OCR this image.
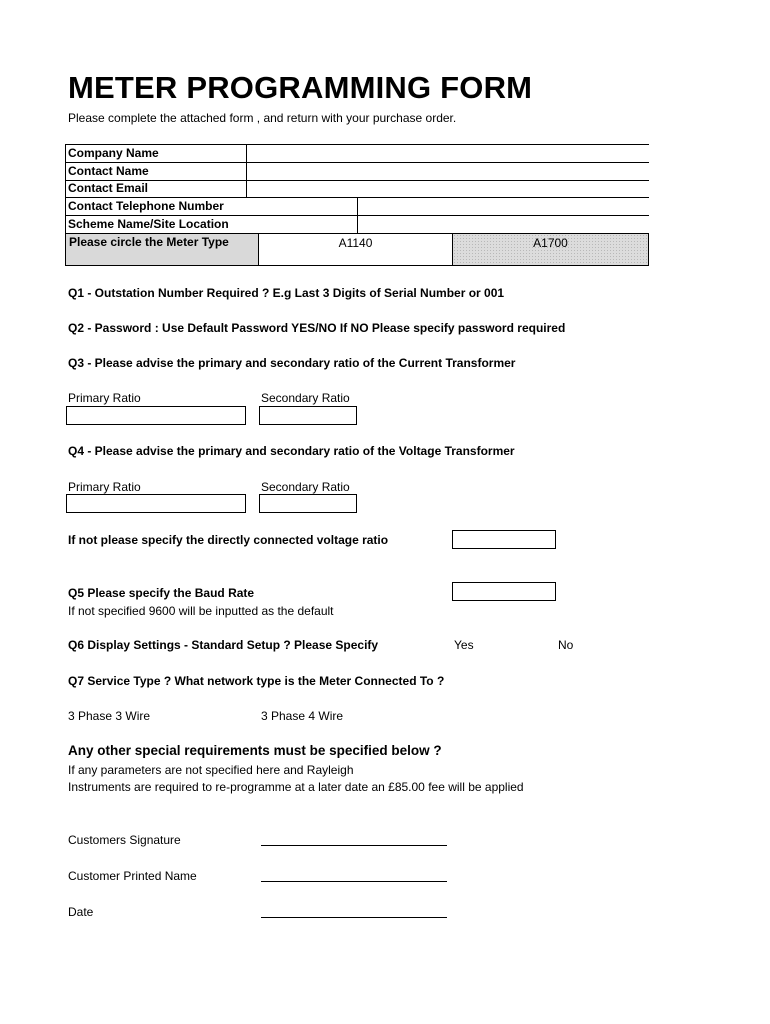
METER PROGRAMMING FORM
Please complete the attached form , and return with your purchase order.
Company Name
Contact Name
Contact Email
Contact Telephone Number
Scheme Name/Site Location
Please circle the Meter Type	A1140	A1700
Q1 - Outstation Number Required ? E.g Last 3 Digits of Serial Number or 001
Q2 - Password : Use Default Password YES/NO If NO Please specify password required
Q3 - Please advise the primary and secondary ratio of the Current Transformer
Primary Ratio	Secondary Ratio
Q4 - Please advise the primary and secondary ratio of the Voltage Transformer
Primary Ratio	Secondary Ratio
If not please specify the directly connected voltage ratio
Q5 Please specify the Baud Rate
If not specified 9600 will be inputted as the default
Q6 Display Settings - Standard Setup ? Please Specify	Yes	No
Q7 Service Type ? What network type is the Meter Connected To ?
3 Phase 3 Wire	3 Phase 4 Wire
Any other special requirements must be specified below ?
If any parameters are not specified here and Rayleigh
Instruments are required to re-programme at a later date an £85.00 fee will be applied
Customers Signature
Customer Printed Name
Date
